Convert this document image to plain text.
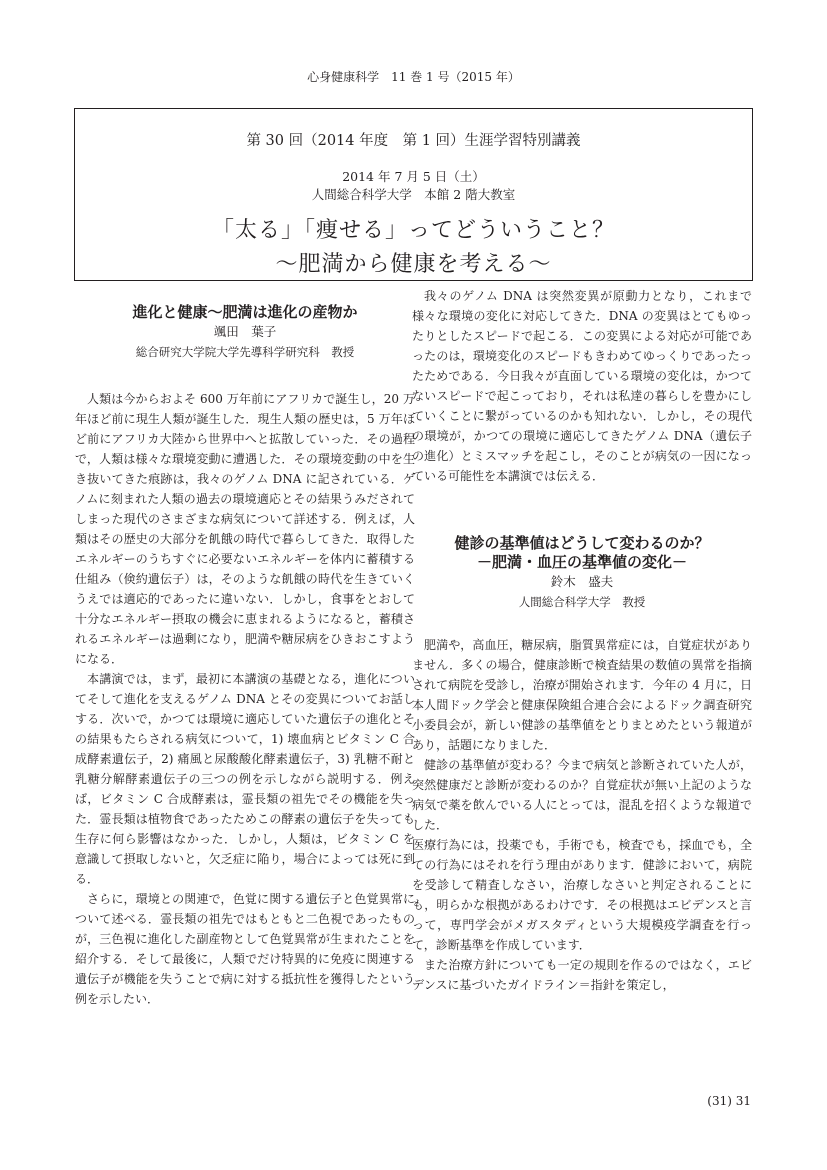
心身健康科学　11 巻 1 号（2015 年）
第 30 回（2014 年度　第 1 回）生涯学習特別講義
2014 年 7 月 5 日（土）
人間総合科学大学　本館 2 階大教室
「太る」「痩せる」ってどういうこと？
～肥満から健康を考える～
進化と健康～肥満は進化の産物か
颯田　葉子
総合研究大学院大学先導科学研究科　教授

人類は今からおよそ 600 万年前にアフリカで誕生し，20 万年ほど前に現生人類が誕生した．現生人類の歴史は，5 万年ほど前にアフリカ大陸から世界中へと拡散していった．その過程で，人類は様々な環境変動に遭遇した．その環境変動の中を生き抜いてきた痕跡は，我々のゲノム DNA に記されている．ゲノムに刻まれた人類の過去の環境適応とその結果うみだされてしまった現代のさまざまな病気について詳述する．例えば，人類はその歴史の大部分を飢餓の時代で暮らしてきた．取得したエネルギーのうちすぐに必要ないエネルギーを体内に蓄積する仕組み（倹約遺伝子）は，そのような飢餓の時代を生きていくうえでは適応的であったに違いない．しかし，食事をとおして十分なエネルギー摂取の機会に恵まれるようになると，蓄積されるエネルギーは過剰になり，肥満や糖尿病をひきおこすようになる．

本講演では，まず，最初に本講演の基礎となる，進化についてそして進化を支えるゲノム DNA とその変異についてお話しする．次いで，かつては環境に適応していた遺伝子の進化とその結果もたらされる病気について，1) 壊血病とビタミン C 合成酵素遺伝子，2) 痛風と尿酸酸化酵素遺伝子，3) 乳糖不耐と乳糖分解酵素遺伝子の三つの例を示しながら説明する．例えば，ビタミン C 合成酵素は，霊長類の祖先でその機能を失った．霊長類は植物食であったためこの酵素の遺伝子を失っても生存に何ら影響はなかった．しかし，人類は，ビタミン C を意識して摂取しないと，欠乏症に陥り，場合によっては死に到る．

さらに，環境との関連で，色覚に関する遺伝子と色覚異常について述べる．霊長類の祖先ではもともと二色視であったものが，三色視に進化した副産物として色覚異常が生まれたことを紹介する．そして最後に，人類でだけ特異的に免疫に関連する遺伝子が機能を失うことで病に対する抵抗性を獲得したという例を示したい．

我々のゲノム DNA は突然変異が原動力となり，これまで様々な環境の変化に対応してきた．DNA の変異はとてもゆったりとしたスピードで起こる．この変異による対応が可能であったのは，環境変化のスピードもきわめてゆっくりであったったためである．今日我々が直面している環境の変化は，かつてないスピードで起こっており，それは私達の暮らしを豊かにしていくことに繋がっているのかも知れない．しかし，その現代の環境が，かつての環境に適応してきたゲノム DNA（遺伝子の進化）とミスマッチを起こし，そのことが病気の一因になっている可能性を本講演では伝える．

健診の基準値はどうして変わるのか？
－肥満・血圧の基準値の変化－
鈴木　盛夫
人間総合科学大学　教授

肥満や，高血圧，糖尿病，脂質異常症には，自覚症状がありません．多くの場合，健康診断で検査結果の数値の異常を指摘されて病院を受診し，治療が開始されます．今年の 4 月に，日本人間ドック学会と健康保険組合連合会によるドック調査研究小委員会が，新しい健診の基準値をとりまとめたという報道があり，話題になりました．

健診の基準値が変わる？今まで病気と診断されていた人が，突然健康だと診断が変わるのか？自覚症状が無い上記のような病気で薬を飲んでいる人にとっては，混乱を招くような報道でした．

医療行為には，投薬でも，手術でも，検査でも，採血でも，全ての行為にはそれを行う理由があります．健診において，病院を受診して精査しなさい，治療しなさいと判定されることにも，明らかな根拠があるわけです．その根拠はエビデンスと言って，専門学会がメガスタディという大規模疫学調査を行って，診断基準を作成しています．

また治療方針についても一定の規則を作るのではなく，エビデンスに基づいたガイドライン＝指針を策定し，

(31) 31
